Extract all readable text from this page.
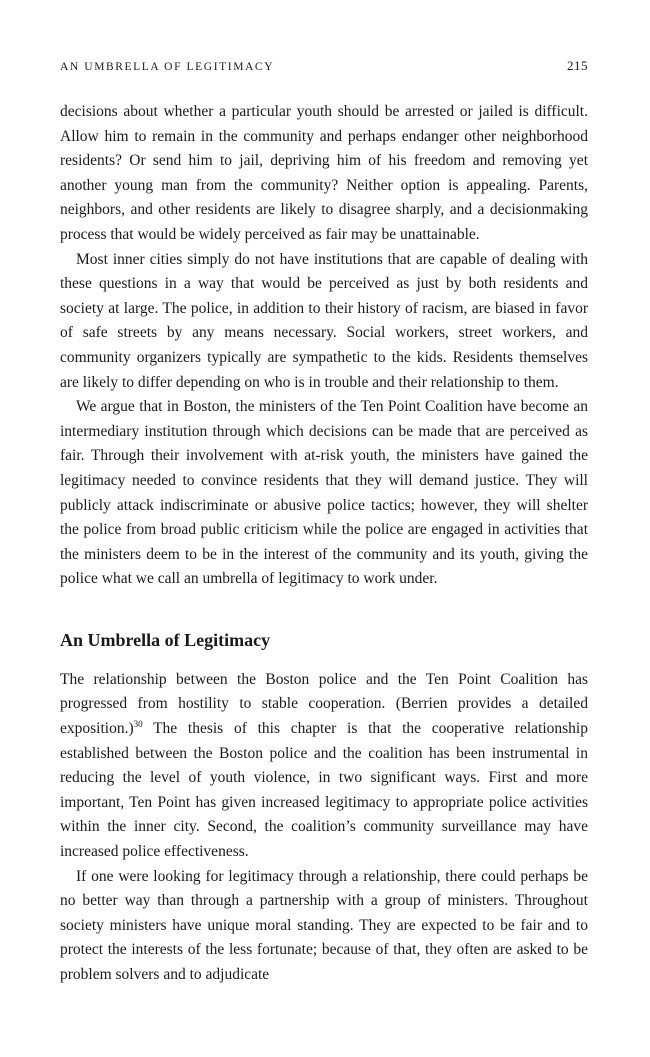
AN UMBRELLA OF LEGITIMACY	215

decisions about whether a particular youth should be arrested or jailed is difficult. Allow him to remain in the community and perhaps endanger other neighborhood residents? Or send him to jail, depriving him of his freedom and removing yet another young man from the community? Neither option is appealing. Parents, neighbors, and other residents are likely to disagree sharply, and a decisionmaking process that would be widely perceived as fair may be unattainable.

Most inner cities simply do not have institutions that are capable of dealing with these questions in a way that would be perceived as just by both residents and society at large. The police, in addition to their history of racism, are biased in favor of safe streets by any means necessary. Social workers, street workers, and community organizers typically are sympathetic to the kids. Residents themselves are likely to differ depending on who is in trouble and their relationship to them.

We argue that in Boston, the ministers of the Ten Point Coalition have become an intermediary institution through which decisions can be made that are perceived as fair. Through their involvement with at-risk youth, the ministers have gained the legitimacy needed to convince residents that they will demand justice. They will publicly attack indiscriminate or abusive police tactics; however, they will shelter the police from broad public criticism while the police are engaged in activities that the ministers deem to be in the interest of the community and its youth, giving the police what we call an umbrella of legitimacy to work under.

An Umbrella of Legitimacy

The relationship between the Boston police and the Ten Point Coalition has progressed from hostility to stable cooperation. (Berrien provides a detailed exposition.)$^{30}$ The thesis of this chapter is that the cooperative relationship established between the Boston police and the coalition has been instrumental in reducing the level of youth violence, in two significant ways. First and more important, Ten Point has given increased legitimacy to appropriate police activities within the inner city. Second, the coalition’s community surveillance may have increased police effectiveness.

If one were looking for legitimacy through a relationship, there could perhaps be no better way than through a partnership with a group of ministers. Throughout society ministers have unique moral standing. They are expected to be fair and to protect the interests of the less fortunate; because of that, they often are asked to be problem solvers and to adjudicate
